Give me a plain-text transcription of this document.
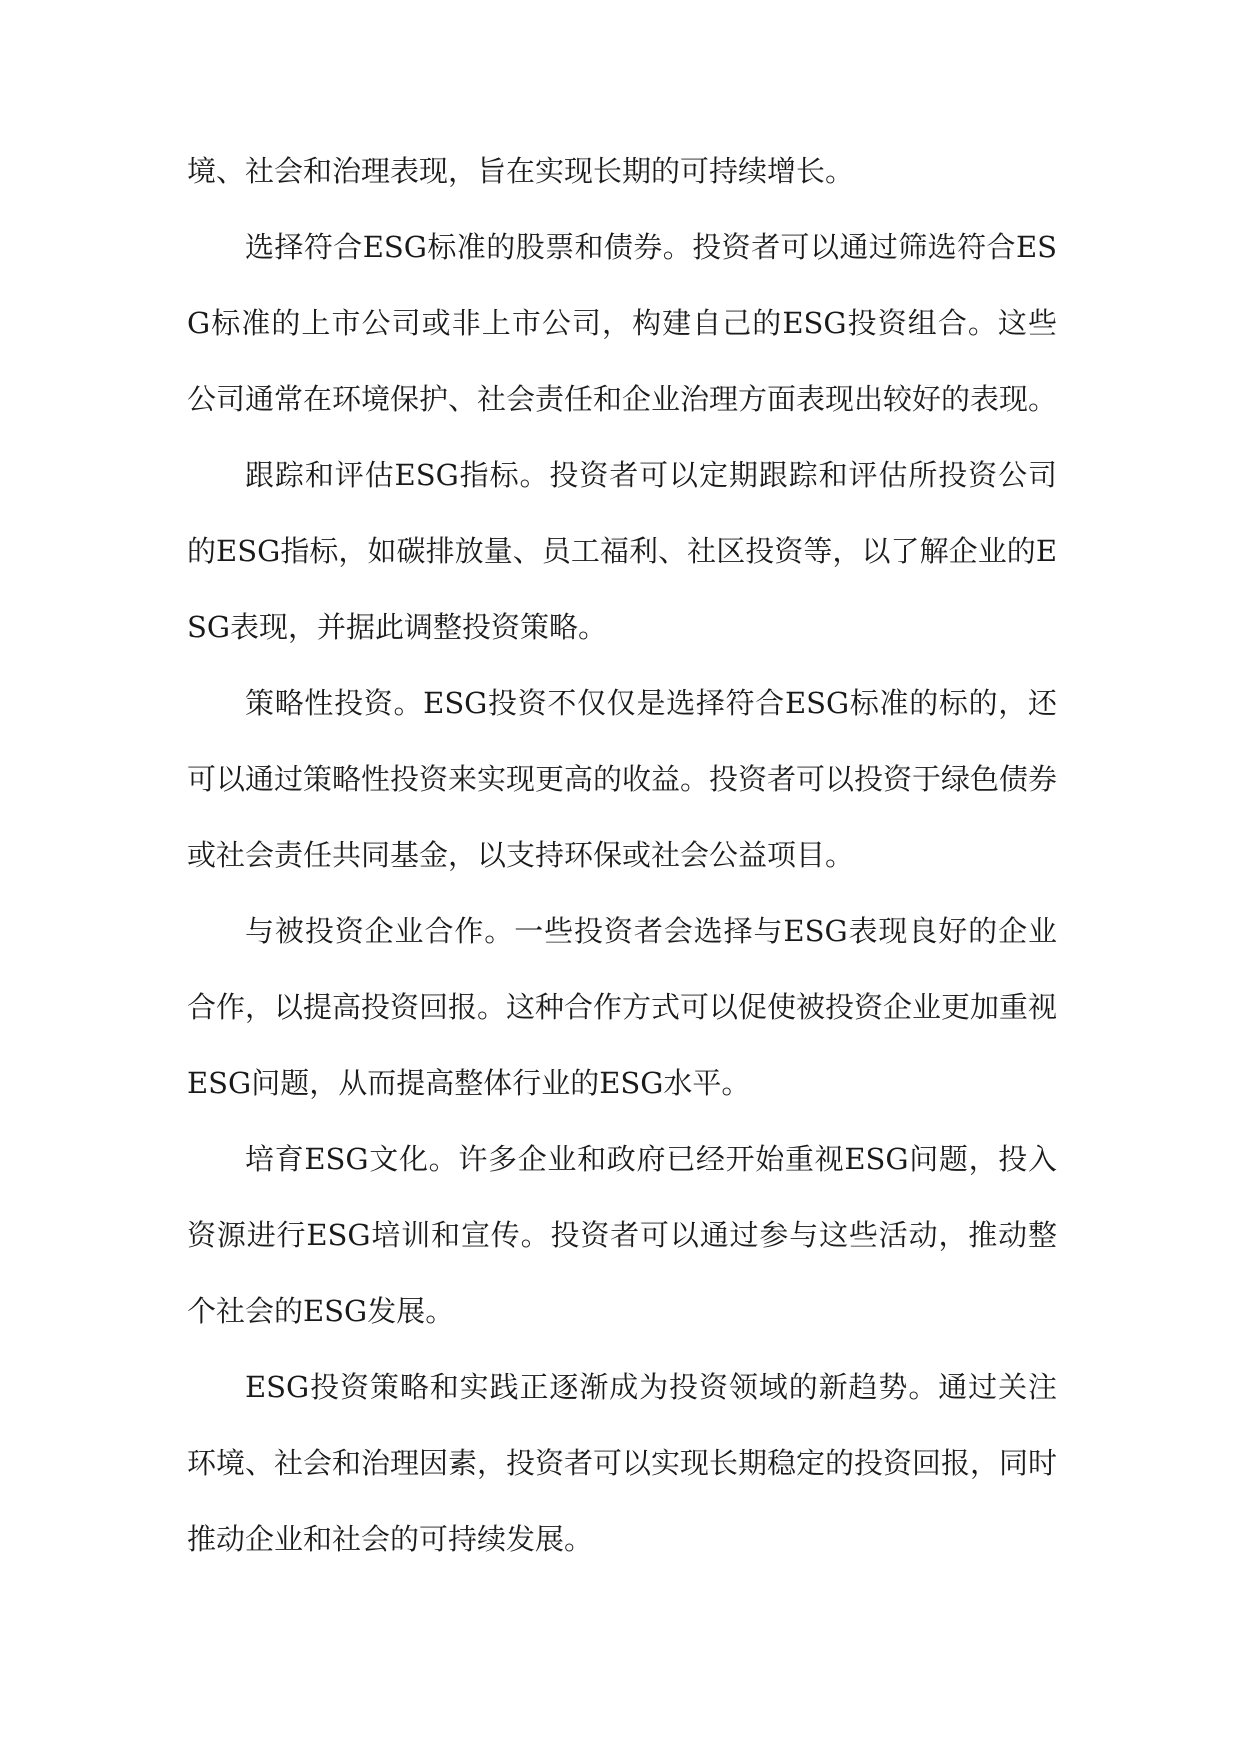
境、社会和治理表现，旨在实现长期的可持续增长。

选择符合ESG标准的股票和债券。投资者可以通过筛选符合ESG标准的上市公司或非上市公司，构建自己的ESG投资组合。这些公司通常在环境保护、社会责任和企业治理方面表现出较好的表现。

跟踪和评估ESG指标。投资者可以定期跟踪和评估所投资公司的ESG指标，如碳排放量、员工福利、社区投资等，以了解企业的ESG表现，并据此调整投资策略。

策略性投资。ESG投资不仅仅是选择符合ESG标准的标的，还可以通过策略性投资来实现更高的收益。投资者可以投资于绿色债券或社会责任共同基金，以支持环保或社会公益项目。

与被投资企业合作。一些投资者会选择与ESG表现良好的企业合作，以提高投资回报。这种合作方式可以促使被投资企业更加重视ESG问题，从而提高整体行业的ESG水平。

培育ESG文化。许多企业和政府已经开始重视ESG问题，投入资源进行ESG培训和宣传。投资者可以通过参与这些活动，推动整个社会的ESG发展。

ESG投资策略和实践正逐渐成为投资领域的新趋势。通过关注环境、社会和治理因素，投资者可以实现长期稳定的投资回报，同时推动企业和社会的可持续发展。
